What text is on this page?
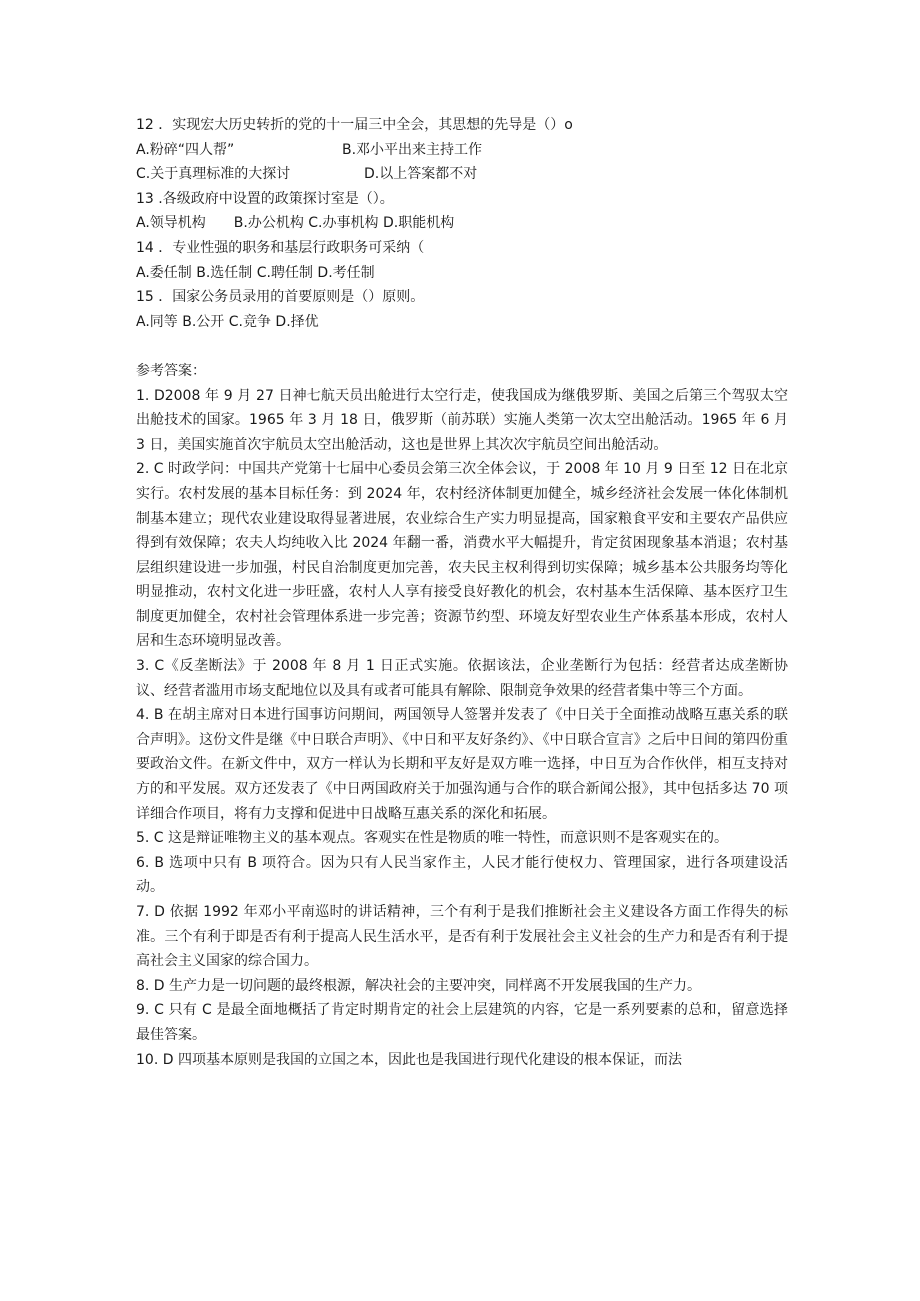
12 ．实现宏大历史转折的党的十一届三中全会，其思想的先导是（）o
A.粉碎“四人帮”	B.邓小平出来主持工作
C.关于真理标准的大探讨	D.以上答案都不对
13 .各级政府中设置的政策探讨室是（）。
A.领导机构　　B.办公机构 C.办事机构 D.职能机构
14 ．专业性强的职务和基层行政职务可采纳（
A.委任制 B.选任制 C.聘任制 D.考任制
15 ．国家公务员录用的首要原则是（）原则。
A.同等 B.公开 C.竞争 D.择优
参考答案：
1. D2008 年 9 月 27 日神七航天员出舱进行太空行走，使我国成为继俄罗斯、美国之后第三个驾驭太空出舱技术的国家。1965 年 3 月 18 日，俄罗斯（前苏联）实施人类第一次太空出舱活动。1965 年 6 月 3 日，美国实施首次宇航员太空出舱活动，这也是世界上其次次宇航员空间出舱活动。
2. C 时政学问：中国共产党第十七届中心委员会第三次全体会议，于 2008 年 10 月 9 日至 12 日在北京实行。农村发展的基本目标任务：到 2024 年，农村经济体制更加健全，城乡经济社会发展一体化体制机制基本建立；现代农业建设取得显著进展，农业综合生产实力明显提高，国家粮食平安和主要农产品供应得到有效保障；农夫人均纯收入比 2024 年翻一番，消费水平大幅提升，肯定贫困现象基本消退；农村基层组织建设进一步加强，村民自治制度更加完善，农夫民主权利得到切实保障；城乡基本公共服务均等化明显推动，农村文化进一步旺盛，农村人人享有接受良好教化的机会，农村基本生活保障、基本医疗卫生制度更加健全，农村社会管理体系进一步完善；资源节约型、环境友好型农业生产体系基本形成，农村人居和生态环境明显改善。
3. C《反垄断法》于 2008 年 8 月 1 日正式实施。依据该法，企业垄断行为包括：经营者达成垄断协议、经营者滥用市场支配地位以及具有或者可能具有解除、限制竞争效果的经营者集中等三个方面。
4. B 在胡主席对日本进行国事访问期间，两国领导人签署并发表了《中日关于全面推动战略互惠关系的联合声明》。这份文件是继《中日联合声明》、《中日和平友好条约》、《中日联合宣言》之后中日间的第四份重要政治文件。在新文件中，双方一样认为长期和平友好是双方唯一选择，中日互为合作伙伴，相互支持对方的和平发展。双方还发表了《中日两国政府关于加强沟通与合作的联合新闻公报》，其中包括多达 70 项详细合作项目，将有力支撑和促进中日战略互惠关系的深化和拓展。
5. C 这是辩证唯物主义的基本观点。客观实在性是物质的唯一特性，而意识则不是客观实在的。
6. B 选项中只有 B 项符合。因为只有人民当家作主，人民才能行使权力、管理国家，进行各项建设活动。
7. D 依据 1992 年邓小平南巡时的讲话精神，三个有利于是我们推断社会主义建设各方面工作得失的标准。三个有利于即是否有利于提高人民生活水平，是否有利于发展社会主义社会的生产力和是否有利于提高社会主义国家的综合国力。
8. D 生产力是一切问题的最终根源，解决社会的主要冲突，同样离不开发展我国的生产力。
9. C 只有 C 是最全面地概括了肯定时期肯定的社会上层建筑的内容，它是一系列要素的总和，留意选择最佳答案。
10. D 四项基本原则是我国的立国之本，因此也是我国进行现代化建设的根本保证，而法
